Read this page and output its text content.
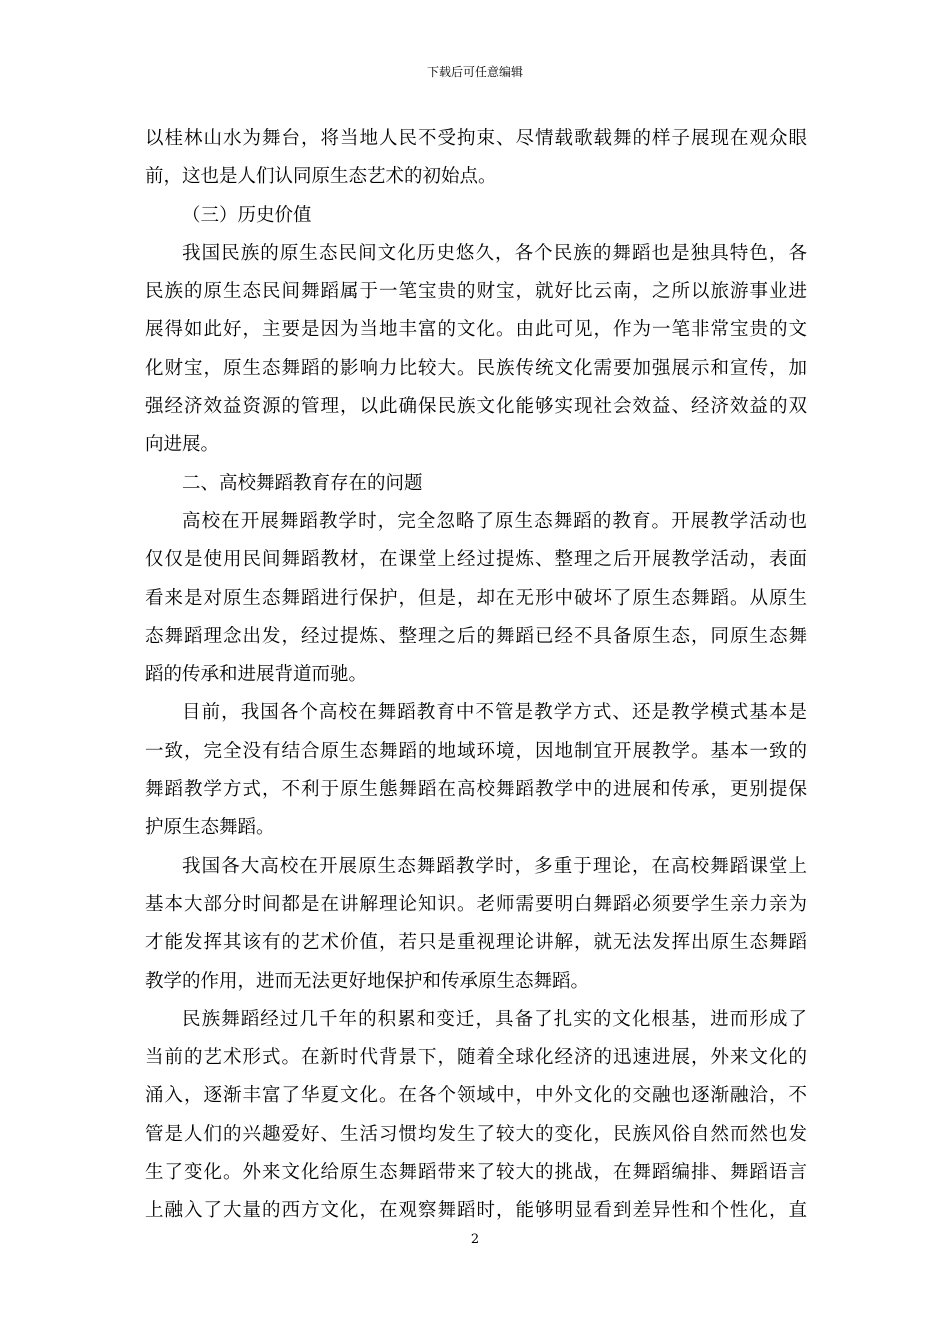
下载后可任意编辑
以桂林山水为舞台，将当地人民不受拘束、尽情载歌载舞的样子展现在观众眼
前，这也是人们认同原生态艺术的初始点。
（三）历史价值
我国民族的原生态民间文化历史悠久，各个民族的舞蹈也是独具特色，各
民族的原生态民间舞蹈属于一笔宝贵的财宝，就好比云南，之所以旅游事业进
展得如此好，主要是因为当地丰富的文化。由此可见，作为一笔非常宝贵的文
化财宝，原生态舞蹈的影响力比较大。民族传统文化需要加强展示和宣传，加
强经济效益资源的管理，以此确保民族文化能够实现社会效益、经济效益的双
向进展。
二、高校舞蹈教育存在的问题
高校在开展舞蹈教学时，完全忽略了原生态舞蹈的教育。开展教学活动也
仅仅是使用民间舞蹈教材，在课堂上经过提炼、整理之后开展教学活动，表面
看来是对原生态舞蹈进行保护，但是，却在无形中破坏了原生态舞蹈。从原生
态舞蹈理念出发，经过提炼、整理之后的舞蹈已经不具备原生态，同原生态舞
蹈的传承和进展背道而驰。
目前，我国各个高校在舞蹈教育中不管是教学方式、还是教学模式基本是
一致，完全没有结合原生态舞蹈的地域环境，因地制宜开展教学。基本一致的
舞蹈教学方式，不利于原生態舞蹈在高校舞蹈教学中的进展和传承，更别提保
护原生态舞蹈。
我国各大高校在开展原生态舞蹈教学时，多重于理论，在高校舞蹈课堂上
基本大部分时间都是在讲解理论知识。老师需要明白舞蹈必须要学生亲力亲为
才能发挥其该有的艺术价值，若只是重视理论讲解，就无法发挥出原生态舞蹈
教学的作用，进而无法更好地保护和传承原生态舞蹈。
民族舞蹈经过几千年的积累和变迁，具备了扎实的文化根基，进而形成了
当前的艺术形式。在新时代背景下，随着全球化经济的迅速进展，外来文化的
涌入，逐渐丰富了华夏文化。在各个领域中，中外文化的交融也逐渐融洽，不
管是人们的兴趣爱好、生活习惯均发生了较大的变化，民族风俗自然而然也发
生了变化。外来文化给原生态舞蹈带来了较大的挑战，在舞蹈编排、舞蹈语言
上融入了大量的西方文化，在观察舞蹈时，能够明显看到差异性和个性化，直
2
